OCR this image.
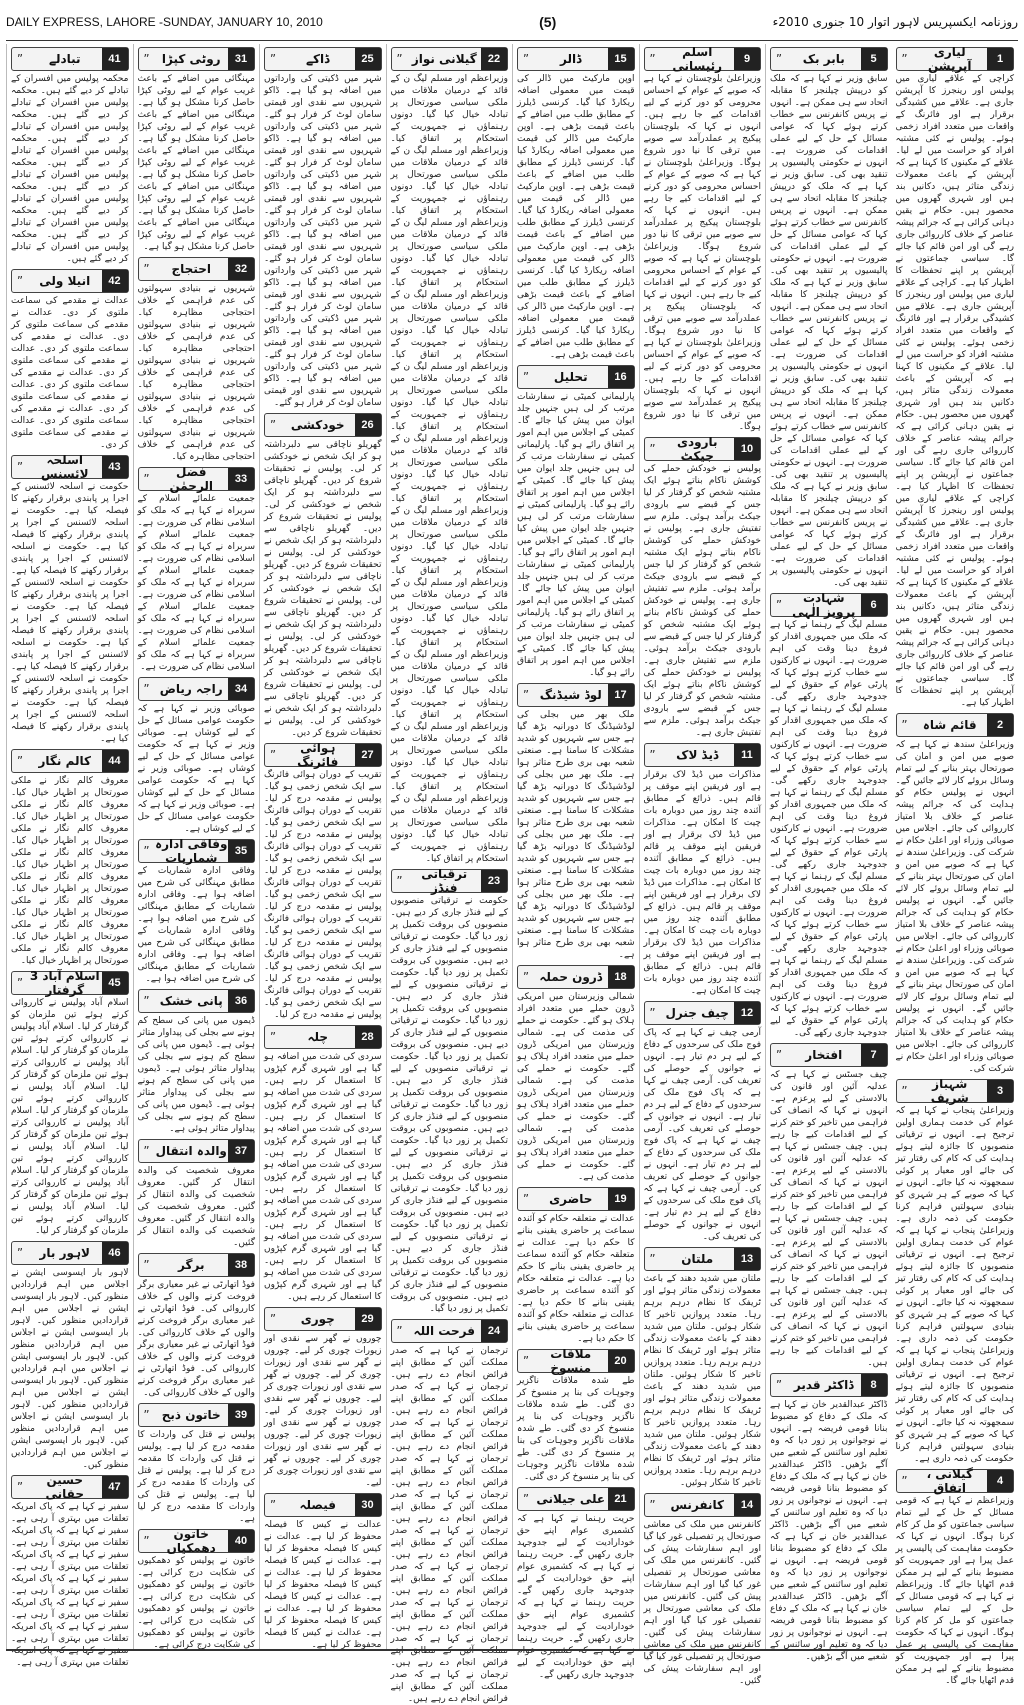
DAILY EXPRESS, LAHORE -SUNDAY, JANUARY 10, 2010	(5)	روزنامہ ایکسپریس لاہور اتوار 10 جنوری 2010ء
1
لیاری آپریشن
”
کراچی کے علاقے لیاری میں پولیس اور رینجرز کا آپریشن جاری ہے۔ علاقے میں کشیدگی برقرار ہے اور فائرنگ کے واقعات میں متعدد افراد زخمی ہوئے۔ پولیس نے کئی مشتبہ افراد کو حراست میں لے لیا۔ علاقے کے مکینوں کا کہنا ہے کہ آپریشن کے باعث معمولات زندگی متاثر ہیں، دکانیں بند ہیں اور شہری گھروں میں محصور ہیں۔ حکام نے یقین دہانی کرائی ہے کہ جرائم پیشہ عناصر کے خلاف کارروائی جاری رہے گی اور امن قائم کیا جائے گا۔ سیاسی جماعتوں نے آپریشن پر اپنے تحفظات کا اظہار کیا ہے۔ کراچی کے علاقے لیاری میں پولیس اور رینجرز کا آپریشن جاری ہے۔ علاقے میں کشیدگی برقرار ہے اور فائرنگ کے واقعات میں متعدد افراد زخمی ہوئے۔ پولیس نے کئی مشتبہ افراد کو حراست میں لے لیا۔ علاقے کے مکینوں کا کہنا ہے کہ آپریشن کے باعث معمولات زندگی متاثر ہیں، دکانیں بند ہیں اور شہری گھروں میں محصور ہیں۔ حکام نے یقین دہانی کرائی ہے کہ جرائم پیشہ عناصر کے خلاف کارروائی جاری رہے گی اور امن قائم کیا جائے گا۔ سیاسی جماعتوں نے آپریشن پر اپنے تحفظات کا اظہار کیا ہے۔ کراچی کے علاقے لیاری میں پولیس اور رینجرز کا آپریشن جاری ہے۔ علاقے میں کشیدگی برقرار ہے اور فائرنگ کے واقعات میں متعدد افراد زخمی ہوئے۔ پولیس نے کئی مشتبہ افراد کو حراست میں لے لیا۔ علاقے کے مکینوں کا کہنا ہے کہ آپریشن کے باعث معمولات زندگی متاثر ہیں، دکانیں بند ہیں اور شہری گھروں میں محصور ہیں۔ حکام نے یقین دہانی کرائی ہے کہ جرائم پیشہ عناصر کے خلاف کارروائی جاری رہے گی اور امن قائم کیا جائے گا۔ سیاسی جماعتوں نے آپریشن پر اپنے تحفظات کا اظہار کیا ہے۔
2
قائم شاہ
”
وزیراعلیٰ سندھ نے کہا ہے کہ صوبے میں امن و امان کی صورتحال بہتر بنانے کے لیے تمام وسائل بروئے کار لائے جائیں گے۔ انہوں نے پولیس حکام کو ہدایت کی کہ جرائم پیشہ عناصر کے خلاف بلا امتیاز کارروائی کی جائے۔ اجلاس میں صوبائی وزراء اور اعلیٰ حکام نے شرکت کی۔ وزیراعلیٰ سندھ نے کہا ہے کہ صوبے میں امن و امان کی صورتحال بہتر بنانے کے لیے تمام وسائل بروئے کار لائے جائیں گے۔ انہوں نے پولیس حکام کو ہدایت کی کہ جرائم پیشہ عناصر کے خلاف بلا امتیاز کارروائی کی جائے۔ اجلاس میں صوبائی وزراء اور اعلیٰ حکام نے شرکت کی۔ وزیراعلیٰ سندھ نے کہا ہے کہ صوبے میں امن و امان کی صورتحال بہتر بنانے کے لیے تمام وسائل بروئے کار لائے جائیں گے۔ انہوں نے پولیس حکام کو ہدایت کی کہ جرائم پیشہ عناصر کے خلاف بلا امتیاز کارروائی کی جائے۔ اجلاس میں صوبائی وزراء اور اعلیٰ حکام نے شرکت کی۔
3
شہباز شریف
”
وزیراعلیٰ پنجاب نے کہا ہے کہ عوام کی خدمت ہماری اولین ترجیح ہے۔ انہوں نے ترقیاتی منصوبوں کا جائزہ لیتے ہوئے ہدایت کی کہ کام کی رفتار تیز کی جائے اور معیار پر کوئی سمجھوتہ نہ کیا جائے۔ انہوں نے کہا کہ صوبے کے ہر شہری کو بنیادی سہولتیں فراہم کرنا حکومت کی ذمہ داری ہے۔ وزیراعلیٰ پنجاب نے کہا ہے کہ عوام کی خدمت ہماری اولین ترجیح ہے۔ انہوں نے ترقیاتی منصوبوں کا جائزہ لیتے ہوئے ہدایت کی کہ کام کی رفتار تیز کی جائے اور معیار پر کوئی سمجھوتہ نہ کیا جائے۔ انہوں نے کہا کہ صوبے کے ہر شہری کو بنیادی سہولتیں فراہم کرنا حکومت کی ذمہ داری ہے۔ وزیراعلیٰ پنجاب نے کہا ہے کہ عوام کی خدمت ہماری اولین ترجیح ہے۔ انہوں نے ترقیاتی منصوبوں کا جائزہ لیتے ہوئے ہدایت کی کہ کام کی رفتار تیز کی جائے اور معیار پر کوئی سمجھوتہ نہ کیا جائے۔ انہوں نے کہا کہ صوبے کے ہر شہری کو بنیادی سہولتیں فراہم کرنا حکومت کی ذمہ داری ہے۔
4
گیلانی ، اتفاق
”
وزیراعظم نے کہا ہے کہ قومی مسائل کے حل کے لیے تمام سیاسی جماعتوں کو مل کر کام کرنا ہوگا۔ انہوں نے کہا کہ حکومت مفاہمت کی پالیسی پر عمل پیرا ہے اور جمہوریت کو مضبوط بنانے کے لیے ہر ممکن قدم اٹھایا جائے گا۔ وزیراعظم نے کہا ہے کہ قومی مسائل کے حل کے لیے تمام سیاسی جماعتوں کو مل کر کام کرنا ہوگا۔ انہوں نے کہا کہ حکومت مفاہمت کی پالیسی پر عمل پیرا ہے اور جمہوریت کو مضبوط بنانے کے لیے ہر ممکن قدم اٹھایا جائے گا۔
5
بابر بک
”
سابق وزیر نے کہا ہے کہ ملک کو درپیش چیلنجز کا مقابلہ اتحاد سے ہی ممکن ہے۔ انہوں نے پریس کانفرنس سے خطاب کرتے ہوئے کہا کہ عوامی مسائل کے حل کے لیے عملی اقدامات کی ضرورت ہے۔ انہوں نے حکومتی پالیسیوں پر تنقید بھی کی۔ سابق وزیر نے کہا ہے کہ ملک کو درپیش چیلنجز کا مقابلہ اتحاد سے ہی ممکن ہے۔ انہوں نے پریس کانفرنس سے خطاب کرتے ہوئے کہا کہ عوامی مسائل کے حل کے لیے عملی اقدامات کی ضرورت ہے۔ انہوں نے حکومتی پالیسیوں پر تنقید بھی کی۔ سابق وزیر نے کہا ہے کہ ملک کو درپیش چیلنجز کا مقابلہ اتحاد سے ہی ممکن ہے۔ انہوں نے پریس کانفرنس سے خطاب کرتے ہوئے کہا کہ عوامی مسائل کے حل کے لیے عملی اقدامات کی ضرورت ہے۔ انہوں نے حکومتی پالیسیوں پر تنقید بھی کی۔ سابق وزیر نے کہا ہے کہ ملک کو درپیش چیلنجز کا مقابلہ اتحاد سے ہی ممکن ہے۔ انہوں نے پریس کانفرنس سے خطاب کرتے ہوئے کہا کہ عوامی مسائل کے حل کے لیے عملی اقدامات کی ضرورت ہے۔ انہوں نے حکومتی پالیسیوں پر تنقید بھی کی۔ سابق وزیر نے کہا ہے کہ ملک کو درپیش چیلنجز کا مقابلہ اتحاد سے ہی ممکن ہے۔ انہوں نے پریس کانفرنس سے خطاب کرتے ہوئے کہا کہ عوامی مسائل کے حل کے لیے عملی اقدامات کی ضرورت ہے۔ انہوں نے حکومتی پالیسیوں پر تنقید بھی کی۔
6
شہادت پرویز الٰہی
”
مسلم لیگ کے رہنما نے کہا ہے کہ ملک میں جمہوری اقدار کو فروغ دینا وقت کی اہم ضرورت ہے۔ انہوں نے کارکنوں سے خطاب کرتے ہوئے کہا کہ پارٹی عوام کے حقوق کے لیے جدوجہد جاری رکھے گی۔ مسلم لیگ کے رہنما نے کہا ہے کہ ملک میں جمہوری اقدار کو فروغ دینا وقت کی اہم ضرورت ہے۔ انہوں نے کارکنوں سے خطاب کرتے ہوئے کہا کہ پارٹی عوام کے حقوق کے لیے جدوجہد جاری رکھے گی۔ مسلم لیگ کے رہنما نے کہا ہے کہ ملک میں جمہوری اقدار کو فروغ دینا وقت کی اہم ضرورت ہے۔ انہوں نے کارکنوں سے خطاب کرتے ہوئے کہا کہ پارٹی عوام کے حقوق کے لیے جدوجہد جاری رکھے گی۔ مسلم لیگ کے رہنما نے کہا ہے کہ ملک میں جمہوری اقدار کو فروغ دینا وقت کی اہم ضرورت ہے۔ انہوں نے کارکنوں سے خطاب کرتے ہوئے کہا کہ پارٹی عوام کے حقوق کے لیے جدوجہد جاری رکھے گی۔ مسلم لیگ کے رہنما نے کہا ہے کہ ملک میں جمہوری اقدار کو فروغ دینا وقت کی اہم ضرورت ہے۔ انہوں نے کارکنوں سے خطاب کرتے ہوئے کہا کہ پارٹی عوام کے حقوق کے لیے جدوجہد جاری رکھے گی۔
7
افتخار
”
چیف جسٹس نے کہا ہے کہ عدلیہ آئین اور قانون کی بالادستی کے لیے پرعزم ہے۔ انہوں نے کہا کہ انصاف کی فراہمی میں تاخیر کو ختم کرنے کے لیے اقدامات کیے جا رہے ہیں۔ چیف جسٹس نے کہا ہے کہ عدلیہ آئین اور قانون کی بالادستی کے لیے پرعزم ہے۔ انہوں نے کہا کہ انصاف کی فراہمی میں تاخیر کو ختم کرنے کے لیے اقدامات کیے جا رہے ہیں۔ چیف جسٹس نے کہا ہے کہ عدلیہ آئین اور قانون کی بالادستی کے لیے پرعزم ہے۔ انہوں نے کہا کہ انصاف کی فراہمی میں تاخیر کو ختم کرنے کے لیے اقدامات کیے جا رہے ہیں۔ چیف جسٹس نے کہا ہے کہ عدلیہ آئین اور قانون کی بالادستی کے لیے پرعزم ہے۔ انہوں نے کہا کہ انصاف کی فراہمی میں تاخیر کو ختم کرنے کے لیے اقدامات کیے جا رہے ہیں۔
8
ڈاکٹر قدیر
”
ڈاکٹر عبدالقدیر خان نے کہا ہے کہ ملک کے دفاع کو مضبوط بنانا قومی فریضہ ہے۔ انہوں نے نوجوانوں پر زور دیا کہ وہ تعلیم اور سائنس کے شعبے میں آگے بڑھیں۔ ڈاکٹر عبدالقدیر خان نے کہا ہے کہ ملک کے دفاع کو مضبوط بنانا قومی فریضہ ہے۔ انہوں نے نوجوانوں پر زور دیا کہ وہ تعلیم اور سائنس کے شعبے میں آگے بڑھیں۔ ڈاکٹر عبدالقدیر خان نے کہا ہے کہ ملک کے دفاع کو مضبوط بنانا قومی فریضہ ہے۔ انہوں نے نوجوانوں پر زور دیا کہ وہ تعلیم اور سائنس کے شعبے میں آگے بڑھیں۔ ڈاکٹر عبدالقدیر خان نے کہا ہے کہ ملک کے دفاع کو مضبوط بنانا قومی فریضہ ہے۔ انہوں نے نوجوانوں پر زور دیا کہ وہ تعلیم اور سائنس کے شعبے میں آگے بڑھیں۔
9
اسلم رئیسانی
”
وزیراعلیٰ بلوچستان نے کہا ہے کہ صوبے کے عوام کے احساس محرومی کو دور کرنے کے لیے اقدامات کیے جا رہے ہیں۔ انہوں نے کہا کہ بلوچستان پیکیج پر عملدرآمد سے صوبے میں ترقی کا نیا دور شروع ہوگا۔ وزیراعلیٰ بلوچستان نے کہا ہے کہ صوبے کے عوام کے احساس محرومی کو دور کرنے کے لیے اقدامات کیے جا رہے ہیں۔ انہوں نے کہا کہ بلوچستان پیکیج پر عملدرآمد سے صوبے میں ترقی کا نیا دور شروع ہوگا۔ وزیراعلیٰ بلوچستان نے کہا ہے کہ صوبے کے عوام کے احساس محرومی کو دور کرنے کے لیے اقدامات کیے جا رہے ہیں۔ انہوں نے کہا کہ بلوچستان پیکیج پر عملدرآمد سے صوبے میں ترقی کا نیا دور شروع ہوگا۔ وزیراعلیٰ بلوچستان نے کہا ہے کہ صوبے کے عوام کے احساس محرومی کو دور کرنے کے لیے اقدامات کیے جا رہے ہیں۔ انہوں نے کہا کہ بلوچستان پیکیج پر عملدرآمد سے صوبے میں ترقی کا نیا دور شروع ہوگا۔
10
بارودی جیکٹ
”
پولیس نے خودکش حملے کی کوشش ناکام بناتے ہوئے ایک مشتبہ شخص کو گرفتار کر لیا جس کے قبضے سے بارودی جیکٹ برآمد ہوئی۔ ملزم سے تفتیش جاری ہے۔ پولیس نے خودکش حملے کی کوشش ناکام بناتے ہوئے ایک مشتبہ شخص کو گرفتار کر لیا جس کے قبضے سے بارودی جیکٹ برآمد ہوئی۔ ملزم سے تفتیش جاری ہے۔ پولیس نے خودکش حملے کی کوشش ناکام بناتے ہوئے ایک مشتبہ شخص کو گرفتار کر لیا جس کے قبضے سے بارودی جیکٹ برآمد ہوئی۔ ملزم سے تفتیش جاری ہے۔ پولیس نے خودکش حملے کی کوشش ناکام بناتے ہوئے ایک مشتبہ شخص کو گرفتار کر لیا جس کے قبضے سے بارودی جیکٹ برآمد ہوئی۔ ملزم سے تفتیش جاری ہے۔
11
ڈیڈ لاک
”
مذاکرات میں ڈیڈ لاک برقرار ہے اور فریقین اپنے موقف پر قائم ہیں۔ ذرائع کے مطابق آئندہ چند روز میں دوبارہ بات چیت کا امکان ہے۔ مذاکرات میں ڈیڈ لاک برقرار ہے اور فریقین اپنے موقف پر قائم ہیں۔ ذرائع کے مطابق آئندہ چند روز میں دوبارہ بات چیت کا امکان ہے۔ مذاکرات میں ڈیڈ لاک برقرار ہے اور فریقین اپنے موقف پر قائم ہیں۔ ذرائع کے مطابق آئندہ چند روز میں دوبارہ بات چیت کا امکان ہے۔ مذاکرات میں ڈیڈ لاک برقرار ہے اور فریقین اپنے موقف پر قائم ہیں۔ ذرائع کے مطابق آئندہ چند روز میں دوبارہ بات چیت کا امکان ہے۔
12
چیف جنرل
”
آرمی چیف نے کہا ہے کہ پاک فوج ملک کی سرحدوں کے دفاع کے لیے ہر دم تیار ہے۔ انہوں نے جوانوں کے حوصلے کی تعریف کی۔ آرمی چیف نے کہا ہے کہ پاک فوج ملک کی سرحدوں کے دفاع کے لیے ہر دم تیار ہے۔ انہوں نے جوانوں کے حوصلے کی تعریف کی۔ آرمی چیف نے کہا ہے کہ پاک فوج ملک کی سرحدوں کے دفاع کے لیے ہر دم تیار ہے۔ انہوں نے جوانوں کے حوصلے کی تعریف کی۔ آرمی چیف نے کہا ہے کہ پاک فوج ملک کی سرحدوں کے دفاع کے لیے ہر دم تیار ہے۔ انہوں نے جوانوں کے حوصلے کی تعریف کی۔
13
ملتان
”
ملتان میں شدید دھند کے باعث معمولات زندگی متاثر ہوئے اور ٹریفک کا نظام درہم برہم رہا۔ متعدد پروازیں تاخیر کا شکار ہوئیں۔ ملتان میں شدید دھند کے باعث معمولات زندگی متاثر ہوئے اور ٹریفک کا نظام درہم برہم رہا۔ متعدد پروازیں تاخیر کا شکار ہوئیں۔ ملتان میں شدید دھند کے باعث معمولات زندگی متاثر ہوئے اور ٹریفک کا نظام درہم برہم رہا۔ متعدد پروازیں تاخیر کا شکار ہوئیں۔ ملتان میں شدید دھند کے باعث معمولات زندگی متاثر ہوئے اور ٹریفک کا نظام درہم برہم رہا۔ متعدد پروازیں تاخیر کا شکار ہوئیں۔
14
کانفرنس
”
کانفرنس میں ملک کی معاشی صورتحال پر تفصیلی غور کیا گیا اور اہم سفارشات پیش کی گئیں۔ کانفرنس میں ملک کی معاشی صورتحال پر تفصیلی غور کیا گیا اور اہم سفارشات پیش کی گئیں۔ کانفرنس میں ملک کی معاشی صورتحال پر تفصیلی غور کیا گیا اور اہم سفارشات پیش کی گئیں۔ کانفرنس میں ملک کی معاشی صورتحال پر تفصیلی غور کیا گیا اور اہم سفارشات پیش کی گئیں۔
15
ڈالر
”
اوپن مارکیٹ میں ڈالر کی قیمت میں معمولی اضافہ ریکارڈ کیا گیا۔ کرنسی ڈیلرز کے مطابق طلب میں اضافے کے باعث قیمت بڑھی ہے۔ اوپن مارکیٹ میں ڈالر کی قیمت میں معمولی اضافہ ریکارڈ کیا گیا۔ کرنسی ڈیلرز کے مطابق طلب میں اضافے کے باعث قیمت بڑھی ہے۔ اوپن مارکیٹ میں ڈالر کی قیمت میں معمولی اضافہ ریکارڈ کیا گیا۔ کرنسی ڈیلرز کے مطابق طلب میں اضافے کے باعث قیمت بڑھی ہے۔ اوپن مارکیٹ میں ڈالر کی قیمت میں معمولی اضافہ ریکارڈ کیا گیا۔ کرنسی ڈیلرز کے مطابق طلب میں اضافے کے باعث قیمت بڑھی ہے۔ اوپن مارکیٹ میں ڈالر کی قیمت میں معمولی اضافہ ریکارڈ کیا گیا۔ کرنسی ڈیلرز کے مطابق طلب میں اضافے کے باعث قیمت بڑھی ہے۔
16
تحلیل
”
پارلیمانی کمیٹی نے سفارشات مرتب کر لی ہیں جنہیں جلد ایوان میں پیش کیا جائے گا۔ کمیٹی کے اجلاس میں اہم امور پر اتفاق رائے ہو گیا۔ پارلیمانی کمیٹی نے سفارشات مرتب کر لی ہیں جنہیں جلد ایوان میں پیش کیا جائے گا۔ کمیٹی کے اجلاس میں اہم امور پر اتفاق رائے ہو گیا۔ پارلیمانی کمیٹی نے سفارشات مرتب کر لی ہیں جنہیں جلد ایوان میں پیش کیا جائے گا۔ کمیٹی کے اجلاس میں اہم امور پر اتفاق رائے ہو گیا۔ پارلیمانی کمیٹی نے سفارشات مرتب کر لی ہیں جنہیں جلد ایوان میں پیش کیا جائے گا۔ کمیٹی کے اجلاس میں اہم امور پر اتفاق رائے ہو گیا۔ پارلیمانی کمیٹی نے سفارشات مرتب کر لی ہیں جنہیں جلد ایوان میں پیش کیا جائے گا۔ کمیٹی کے اجلاس میں اہم امور پر اتفاق رائے ہو گیا۔
17
لوڈ شیڈنگ
”
ملک بھر میں بجلی کی لوڈشیڈنگ کا دورانیہ بڑھ گیا ہے جس سے شہریوں کو شدید مشکلات کا سامنا ہے۔ صنعتی شعبہ بھی بری طرح متاثر ہوا ہے۔ ملک بھر میں بجلی کی لوڈشیڈنگ کا دورانیہ بڑھ گیا ہے جس سے شہریوں کو شدید مشکلات کا سامنا ہے۔ صنعتی شعبہ بھی بری طرح متاثر ہوا ہے۔ ملک بھر میں بجلی کی لوڈشیڈنگ کا دورانیہ بڑھ گیا ہے جس سے شہریوں کو شدید مشکلات کا سامنا ہے۔ صنعتی شعبہ بھی بری طرح متاثر ہوا ہے۔ ملک بھر میں بجلی کی لوڈشیڈنگ کا دورانیہ بڑھ گیا ہے جس سے شہریوں کو شدید مشکلات کا سامنا ہے۔ صنعتی شعبہ بھی بری طرح متاثر ہوا ہے۔
18
ڈرون حملہ
”
شمالی وزیرستان میں امریکی ڈرون حملے میں متعدد افراد ہلاک ہو گئے۔ حکومت نے حملے کی مذمت کی ہے۔ شمالی وزیرستان میں امریکی ڈرون حملے میں متعدد افراد ہلاک ہو گئے۔ حکومت نے حملے کی مذمت کی ہے۔ شمالی وزیرستان میں امریکی ڈرون حملے میں متعدد افراد ہلاک ہو گئے۔ حکومت نے حملے کی مذمت کی ہے۔ شمالی وزیرستان میں امریکی ڈرون حملے میں متعدد افراد ہلاک ہو گئے۔ حکومت نے حملے کی مذمت کی ہے۔
19
حاضری
”
عدالت نے متعلقہ حکام کو آئندہ سماعت پر حاضری یقینی بنانے کا حکم دیا ہے۔ عدالت نے متعلقہ حکام کو آئندہ سماعت پر حاضری یقینی بنانے کا حکم دیا ہے۔ عدالت نے متعلقہ حکام کو آئندہ سماعت پر حاضری یقینی بنانے کا حکم دیا ہے۔ عدالت نے متعلقہ حکام کو آئندہ سماعت پر حاضری یقینی بنانے کا حکم دیا ہے۔
20
ملاقات منسوخ
”
طے شدہ ملاقات ناگزیر وجوہات کی بنا پر منسوخ کر دی گئی۔ طے شدہ ملاقات ناگزیر وجوہات کی بنا پر منسوخ کر دی گئی۔ طے شدہ ملاقات ناگزیر وجوہات کی بنا پر منسوخ کر دی گئی۔ طے شدہ ملاقات ناگزیر وجوہات کی بنا پر منسوخ کر دی گئی۔
21
علی جیلانی
”
حریت رہنما نے کہا ہے کہ کشمیری عوام اپنے حق خودارادیت کے لیے جدوجہد جاری رکھیں گے۔ حریت رہنما نے کہا ہے کہ کشمیری عوام اپنے حق خودارادیت کے لیے جدوجہد جاری رکھیں گے۔ حریت رہنما نے کہا ہے کہ کشمیری عوام اپنے حق خودارادیت کے لیے جدوجہد جاری رکھیں گے۔ حریت رہنما نے کہا ہے کہ کشمیری عوام اپنے حق خودارادیت کے لیے جدوجہد جاری رکھیں گے۔
22
گیلانی نواز
”
وزیراعظم اور مسلم لیگ ن کے قائد کے درمیان ملاقات میں ملکی سیاسی صورتحال پر تبادلہ خیال کیا گیا۔ دونوں رہنماؤں نے جمہوریت کے استحکام پر اتفاق کیا۔ وزیراعظم اور مسلم لیگ ن کے قائد کے درمیان ملاقات میں ملکی سیاسی صورتحال پر تبادلہ خیال کیا گیا۔ دونوں رہنماؤں نے جمہوریت کے استحکام پر اتفاق کیا۔ وزیراعظم اور مسلم لیگ ن کے قائد کے درمیان ملاقات میں ملکی سیاسی صورتحال پر تبادلہ خیال کیا گیا۔ دونوں رہنماؤں نے جمہوریت کے استحکام پر اتفاق کیا۔ وزیراعظم اور مسلم لیگ ن کے قائد کے درمیان ملاقات میں ملکی سیاسی صورتحال پر تبادلہ خیال کیا گیا۔ دونوں رہنماؤں نے جمہوریت کے استحکام پر اتفاق کیا۔ وزیراعظم اور مسلم لیگ ن کے قائد کے درمیان ملاقات میں ملکی سیاسی صورتحال پر تبادلہ خیال کیا گیا۔ دونوں رہنماؤں نے جمہوریت کے استحکام پر اتفاق کیا۔ وزیراعظم اور مسلم لیگ ن کے قائد کے درمیان ملاقات میں ملکی سیاسی صورتحال پر تبادلہ خیال کیا گیا۔ دونوں رہنماؤں نے جمہوریت کے استحکام پر اتفاق کیا۔ وزیراعظم اور مسلم لیگ ن کے قائد کے درمیان ملاقات میں ملکی سیاسی صورتحال پر تبادلہ خیال کیا گیا۔ دونوں رہنماؤں نے جمہوریت کے استحکام پر اتفاق کیا۔ وزیراعظم اور مسلم لیگ ن کے قائد کے درمیان ملاقات میں ملکی سیاسی صورتحال پر تبادلہ خیال کیا گیا۔ دونوں رہنماؤں نے جمہوریت کے استحکام پر اتفاق کیا۔ وزیراعظم اور مسلم لیگ ن کے قائد کے درمیان ملاقات میں ملکی سیاسی صورتحال پر تبادلہ خیال کیا گیا۔ دونوں رہنماؤں نے جمہوریت کے استحکام پر اتفاق کیا۔ وزیراعظم اور مسلم لیگ ن کے قائد کے درمیان ملاقات میں ملکی سیاسی صورتحال پر تبادلہ خیال کیا گیا۔ دونوں رہنماؤں نے جمہوریت کے استحکام پر اتفاق کیا۔ وزیراعظم اور مسلم لیگ ن کے قائد کے درمیان ملاقات میں ملکی سیاسی صورتحال پر تبادلہ خیال کیا گیا۔ دونوں رہنماؤں نے جمہوریت کے استحکام پر اتفاق کیا۔
23
ترقیاتی فنڈز
”
حکومت نے ترقیاتی منصوبوں کے لیے فنڈز جاری کر دیے ہیں۔ منصوبوں کی بروقت تکمیل پر زور دیا گیا۔ حکومت نے ترقیاتی منصوبوں کے لیے فنڈز جاری کر دیے ہیں۔ منصوبوں کی بروقت تکمیل پر زور دیا گیا۔ حکومت نے ترقیاتی منصوبوں کے لیے فنڈز جاری کر دیے ہیں۔ منصوبوں کی بروقت تکمیل پر زور دیا گیا۔ حکومت نے ترقیاتی منصوبوں کے لیے فنڈز جاری کر دیے ہیں۔ منصوبوں کی بروقت تکمیل پر زور دیا گیا۔ حکومت نے ترقیاتی منصوبوں کے لیے فنڈز جاری کر دیے ہیں۔ منصوبوں کی بروقت تکمیل پر زور دیا گیا۔ حکومت نے ترقیاتی منصوبوں کے لیے فنڈز جاری کر دیے ہیں۔ منصوبوں کی بروقت تکمیل پر زور دیا گیا۔ حکومت نے ترقیاتی منصوبوں کے لیے فنڈز جاری کر دیے ہیں۔ منصوبوں کی بروقت تکمیل پر زور دیا گیا۔ حکومت نے ترقیاتی منصوبوں کے لیے فنڈز جاری کر دیے ہیں۔ منصوبوں کی بروقت تکمیل پر زور دیا گیا۔ حکومت نے ترقیاتی منصوبوں کے لیے فنڈز جاری کر دیے ہیں۔ منصوبوں کی بروقت تکمیل پر زور دیا گیا۔ حکومت نے ترقیاتی منصوبوں کے لیے فنڈز جاری کر دیے ہیں۔ منصوبوں کی بروقت تکمیل پر زور دیا گیا۔
24
فرحت اللہ
”
ترجمان نے کہا ہے کہ صدر مملکت آئین کے مطابق اپنے فرائض انجام دے رہے ہیں۔ ترجمان نے کہا ہے کہ صدر مملکت آئین کے مطابق اپنے فرائض انجام دے رہے ہیں۔ ترجمان نے کہا ہے کہ صدر مملکت آئین کے مطابق اپنے فرائض انجام دے رہے ہیں۔ ترجمان نے کہا ہے کہ صدر مملکت آئین کے مطابق اپنے فرائض انجام دے رہے ہیں۔ ترجمان نے کہا ہے کہ صدر مملکت آئین کے مطابق اپنے فرائض انجام دے رہے ہیں۔ ترجمان نے کہا ہے کہ صدر مملکت آئین کے مطابق اپنے فرائض انجام دے رہے ہیں۔ ترجمان نے کہا ہے کہ صدر مملکت آئین کے مطابق اپنے فرائض انجام دے رہے ہیں۔ ترجمان نے کہا ہے کہ صدر مملکت آئین کے مطابق اپنے فرائض انجام دے رہے ہیں۔ ترجمان نے کہا ہے کہ صدر مملکت آئین کے مطابق اپنے فرائض انجام دے رہے ہیں۔ ترجمان نے کہا ہے کہ صدر مملکت آئین کے مطابق اپنے فرائض انجام دے رہے ہیں۔
25
ڈاکے
”
شہر میں ڈکیتی کی وارداتوں میں اضافہ ہو گیا ہے۔ ڈاکو شہریوں سے نقدی اور قیمتی سامان لوٹ کر فرار ہو گئے۔ شہر میں ڈکیتی کی وارداتوں میں اضافہ ہو گیا ہے۔ ڈاکو شہریوں سے نقدی اور قیمتی سامان لوٹ کر فرار ہو گئے۔ شہر میں ڈکیتی کی وارداتوں میں اضافہ ہو گیا ہے۔ ڈاکو شہریوں سے نقدی اور قیمتی سامان لوٹ کر فرار ہو گئے۔ شہر میں ڈکیتی کی وارداتوں میں اضافہ ہو گیا ہے۔ ڈاکو شہریوں سے نقدی اور قیمتی سامان لوٹ کر فرار ہو گئے۔ شہر میں ڈکیتی کی وارداتوں میں اضافہ ہو گیا ہے۔ ڈاکو شہریوں سے نقدی اور قیمتی سامان لوٹ کر فرار ہو گئے۔ شہر میں ڈکیتی کی وارداتوں میں اضافہ ہو گیا ہے۔ ڈاکو شہریوں سے نقدی اور قیمتی سامان لوٹ کر فرار ہو گئے۔ شہر میں ڈکیتی کی وارداتوں میں اضافہ ہو گیا ہے۔ ڈاکو شہریوں سے نقدی اور قیمتی سامان لوٹ کر فرار ہو گئے۔
26
خودکشی
”
گھریلو ناچاقی سے دلبرداشتہ ہو کر ایک شخص نے خودکشی کر لی۔ پولیس نے تحقیقات شروع کر دیں۔ گھریلو ناچاقی سے دلبرداشتہ ہو کر ایک شخص نے خودکشی کر لی۔ پولیس نے تحقیقات شروع کر دیں۔ گھریلو ناچاقی سے دلبرداشتہ ہو کر ایک شخص نے خودکشی کر لی۔ پولیس نے تحقیقات شروع کر دیں۔ گھریلو ناچاقی سے دلبرداشتہ ہو کر ایک شخص نے خودکشی کر لی۔ پولیس نے تحقیقات شروع کر دیں۔ گھریلو ناچاقی سے دلبرداشتہ ہو کر ایک شخص نے خودکشی کر لی۔ پولیس نے تحقیقات شروع کر دیں۔ گھریلو ناچاقی سے دلبرداشتہ ہو کر ایک شخص نے خودکشی کر لی۔ پولیس نے تحقیقات شروع کر دیں۔ گھریلو ناچاقی سے دلبرداشتہ ہو کر ایک شخص نے خودکشی کر لی۔ پولیس نے تحقیقات شروع کر دیں۔
27
ہوائی فائرنگ
”
تقریب کے دوران ہوائی فائرنگ سے ایک شخص زخمی ہو گیا۔ پولیس نے مقدمہ درج کر لیا۔ تقریب کے دوران ہوائی فائرنگ سے ایک شخص زخمی ہو گیا۔ پولیس نے مقدمہ درج کر لیا۔ تقریب کے دوران ہوائی فائرنگ سے ایک شخص زخمی ہو گیا۔ پولیس نے مقدمہ درج کر لیا۔ تقریب کے دوران ہوائی فائرنگ سے ایک شخص زخمی ہو گیا۔ پولیس نے مقدمہ درج کر لیا۔ تقریب کے دوران ہوائی فائرنگ سے ایک شخص زخمی ہو گیا۔ پولیس نے مقدمہ درج کر لیا۔ تقریب کے دوران ہوائی فائرنگ سے ایک شخص زخمی ہو گیا۔ پولیس نے مقدمہ درج کر لیا۔ تقریب کے دوران ہوائی فائرنگ سے ایک شخص زخمی ہو گیا۔ پولیس نے مقدمہ درج کر لیا۔
28
چلہ
”
سردی کی شدت میں اضافہ ہو گیا ہے اور شہری گرم کپڑوں کا استعمال کر رہے ہیں۔ سردی کی شدت میں اضافہ ہو گیا ہے اور شہری گرم کپڑوں کا استعمال کر رہے ہیں۔ سردی کی شدت میں اضافہ ہو گیا ہے اور شہری گرم کپڑوں کا استعمال کر رہے ہیں۔ سردی کی شدت میں اضافہ ہو گیا ہے اور شہری گرم کپڑوں کا استعمال کر رہے ہیں۔ سردی کی شدت میں اضافہ ہو گیا ہے اور شہری گرم کپڑوں کا استعمال کر رہے ہیں۔ سردی کی شدت میں اضافہ ہو گیا ہے اور شہری گرم کپڑوں کا استعمال کر رہے ہیں۔ سردی کی شدت میں اضافہ ہو گیا ہے اور شہری گرم کپڑوں کا استعمال کر رہے ہیں۔
29
چوری
”
چوروں نے گھر سے نقدی اور زیورات چوری کر لیے۔ چوروں نے گھر سے نقدی اور زیورات چوری کر لیے۔ چوروں نے گھر سے نقدی اور زیورات چوری کر لیے۔ چوروں نے گھر سے نقدی اور زیورات چوری کر لیے۔ چوروں نے گھر سے نقدی اور زیورات چوری کر لیے۔ چوروں نے گھر سے نقدی اور زیورات چوری کر لیے۔ چوروں نے گھر سے نقدی اور زیورات چوری کر لیے۔
30
فیصلہ
”
عدالت نے کیس کا فیصلہ محفوظ کر لیا ہے۔ عدالت نے کیس کا فیصلہ محفوظ کر لیا ہے۔ عدالت نے کیس کا فیصلہ محفوظ کر لیا ہے۔ عدالت نے کیس کا فیصلہ محفوظ کر لیا ہے۔ عدالت نے کیس کا فیصلہ محفوظ کر لیا ہے۔ عدالت نے کیس کا فیصلہ محفوظ کر لیا ہے۔ عدالت نے کیس کا فیصلہ محفوظ کر لیا ہے۔
31
روٹی کپڑا
”
مہنگائی میں اضافے کے باعث غریب عوام کے لیے روٹی کپڑا حاصل کرنا مشکل ہو گیا ہے۔ مہنگائی میں اضافے کے باعث غریب عوام کے لیے روٹی کپڑا حاصل کرنا مشکل ہو گیا ہے۔ مہنگائی میں اضافے کے باعث غریب عوام کے لیے روٹی کپڑا حاصل کرنا مشکل ہو گیا ہے۔ مہنگائی میں اضافے کے باعث غریب عوام کے لیے روٹی کپڑا حاصل کرنا مشکل ہو گیا ہے۔ مہنگائی میں اضافے کے باعث غریب عوام کے لیے روٹی کپڑا حاصل کرنا مشکل ہو گیا ہے۔
32
احتجاج
”
شہریوں نے بنیادی سہولتوں کی عدم فراہمی کے خلاف احتجاجی مظاہرہ کیا۔ شہریوں نے بنیادی سہولتوں کی عدم فراہمی کے خلاف احتجاجی مظاہرہ کیا۔ شہریوں نے بنیادی سہولتوں کی عدم فراہمی کے خلاف احتجاجی مظاہرہ کیا۔ شہریوں نے بنیادی سہولتوں کی عدم فراہمی کے خلاف احتجاجی مظاہرہ کیا۔ شہریوں نے بنیادی سہولتوں کی عدم فراہمی کے خلاف احتجاجی مظاہرہ کیا۔
33
فضل الرحمٰن
”
جمعیت علمائے اسلام کے سربراہ نے کہا ہے کہ ملک کو اسلامی نظام کی ضرورت ہے۔ جمعیت علمائے اسلام کے سربراہ نے کہا ہے کہ ملک کو اسلامی نظام کی ضرورت ہے۔ جمعیت علمائے اسلام کے سربراہ نے کہا ہے کہ ملک کو اسلامی نظام کی ضرورت ہے۔ جمعیت علمائے اسلام کے سربراہ نے کہا ہے کہ ملک کو اسلامی نظام کی ضرورت ہے۔ جمعیت علمائے اسلام کے سربراہ نے کہا ہے کہ ملک کو اسلامی نظام کی ضرورت ہے۔
34
راجہ ریاض
”
صوبائی وزیر نے کہا ہے کہ حکومت عوامی مسائل کے حل کے لیے کوشاں ہے۔ صوبائی وزیر نے کہا ہے کہ حکومت عوامی مسائل کے حل کے لیے کوشاں ہے۔ صوبائی وزیر نے کہا ہے کہ حکومت عوامی مسائل کے حل کے لیے کوشاں ہے۔ صوبائی وزیر نے کہا ہے کہ حکومت عوامی مسائل کے حل کے لیے کوشاں ہے۔
35
وفاقی ادارہ شماریات
”
وفاقی ادارہ شماریات کے مطابق مہنگائی کی شرح میں اضافہ ہوا ہے۔ وفاقی ادارہ شماریات کے مطابق مہنگائی کی شرح میں اضافہ ہوا ہے۔ وفاقی ادارہ شماریات کے مطابق مہنگائی کی شرح میں اضافہ ہوا ہے۔ وفاقی ادارہ شماریات کے مطابق مہنگائی کی شرح میں اضافہ ہوا ہے۔
36
پانی خشک
”
ڈیموں میں پانی کی سطح کم ہونے سے بجلی کی پیداوار متاثر ہوئی ہے۔ ڈیموں میں پانی کی سطح کم ہونے سے بجلی کی پیداوار متاثر ہوئی ہے۔ ڈیموں میں پانی کی سطح کم ہونے سے بجلی کی پیداوار متاثر ہوئی ہے۔ ڈیموں میں پانی کی سطح کم ہونے سے بجلی کی پیداوار متاثر ہوئی ہے۔
37
والدہ انتقال
”
معروف شخصیت کی والدہ انتقال کر گئیں۔ معروف شخصیت کی والدہ انتقال کر گئیں۔ معروف شخصیت کی والدہ انتقال کر گئیں۔ معروف شخصیت کی والدہ انتقال کر گئیں۔
38
برگر
”
فوڈ اتھارٹی نے غیر معیاری برگر فروخت کرنے والوں کے خلاف کارروائی کی۔ فوڈ اتھارٹی نے غیر معیاری برگر فروخت کرنے والوں کے خلاف کارروائی کی۔ فوڈ اتھارٹی نے غیر معیاری برگر فروخت کرنے والوں کے خلاف کارروائی کی۔ فوڈ اتھارٹی نے غیر معیاری برگر فروخت کرنے والوں کے خلاف کارروائی کی۔
39
خاتون ذبح
”
پولیس نے قتل کی واردات کا مقدمہ درج کر لیا ہے۔ پولیس نے قتل کی واردات کا مقدمہ درج کر لیا ہے۔ پولیس نے قتل کی واردات کا مقدمہ درج کر لیا ہے۔ پولیس نے قتل کی واردات کا مقدمہ درج کر لیا ہے۔
40
خاتون دھمکیاں
”
خاتون نے پولیس کو دھمکیوں کی شکایت درج کرائی ہے۔ خاتون نے پولیس کو دھمکیوں کی شکایت درج کرائی ہے۔ خاتون نے پولیس کو دھمکیوں کی شکایت درج کرائی ہے۔ خاتون نے پولیس کو دھمکیوں کی شکایت درج کرائی ہے۔
41
تبادلے
”
محکمہ پولیس میں افسران کے تبادلے کر دیے گئے ہیں۔ محکمہ پولیس میں افسران کے تبادلے کر دیے گئے ہیں۔ محکمہ پولیس میں افسران کے تبادلے کر دیے گئے ہیں۔ محکمہ پولیس میں افسران کے تبادلے کر دیے گئے ہیں۔ محکمہ پولیس میں افسران کے تبادلے کر دیے گئے ہیں۔ محکمہ پولیس میں افسران کے تبادلے کر دیے گئے ہیں۔ محکمہ پولیس میں افسران کے تبادلے کر دیے گئے ہیں۔ محکمہ پولیس میں افسران کے تبادلے کر دیے گئے ہیں۔
42
انیلا ولی
”
عدالت نے مقدمے کی سماعت ملتوی کر دی۔ عدالت نے مقدمے کی سماعت ملتوی کر دی۔ عدالت نے مقدمے کی سماعت ملتوی کر دی۔ عدالت نے مقدمے کی سماعت ملتوی کر دی۔ عدالت نے مقدمے کی سماعت ملتوی کر دی۔ عدالت نے مقدمے کی سماعت ملتوی کر دی۔ عدالت نے مقدمے کی سماعت ملتوی کر دی۔ عدالت نے مقدمے کی سماعت ملتوی کر دی۔
43
اسلحہ لائسنس
”
حکومت نے اسلحہ لائسنس کے اجرا پر پابندی برقرار رکھنے کا فیصلہ کیا ہے۔ حکومت نے اسلحہ لائسنس کے اجرا پر پابندی برقرار رکھنے کا فیصلہ کیا ہے۔ حکومت نے اسلحہ لائسنس کے اجرا پر پابندی برقرار رکھنے کا فیصلہ کیا ہے۔ حکومت نے اسلحہ لائسنس کے اجرا پر پابندی برقرار رکھنے کا فیصلہ کیا ہے۔ حکومت نے اسلحہ لائسنس کے اجرا پر پابندی برقرار رکھنے کا فیصلہ کیا ہے۔ حکومت نے اسلحہ لائسنس کے اجرا پر پابندی برقرار رکھنے کا فیصلہ کیا ہے۔ حکومت نے اسلحہ لائسنس کے اجرا پر پابندی برقرار رکھنے کا فیصلہ کیا ہے۔ حکومت نے اسلحہ لائسنس کے اجرا پر پابندی برقرار رکھنے کا فیصلہ کیا ہے۔
44
کالم نگار
”
معروف کالم نگار نے ملکی صورتحال پر اظہار خیال کیا۔ معروف کالم نگار نے ملکی صورتحال پر اظہار خیال کیا۔ معروف کالم نگار نے ملکی صورتحال پر اظہار خیال کیا۔ معروف کالم نگار نے ملکی صورتحال پر اظہار خیال کیا۔ معروف کالم نگار نے ملکی صورتحال پر اظہار خیال کیا۔ معروف کالم نگار نے ملکی صورتحال پر اظہار خیال کیا۔ معروف کالم نگار نے ملکی صورتحال پر اظہار خیال کیا۔ معروف کالم نگار نے ملکی صورتحال پر اظہار خیال کیا۔
45
اسلام آباد 3 گرفتار
”
اسلام آباد پولیس نے کارروائی کرتے ہوئے تین ملزمان کو گرفتار کر لیا۔ اسلام آباد پولیس نے کارروائی کرتے ہوئے تین ملزمان کو گرفتار کر لیا۔ اسلام آباد پولیس نے کارروائی کرتے ہوئے تین ملزمان کو گرفتار کر لیا۔ اسلام آباد پولیس نے کارروائی کرتے ہوئے تین ملزمان کو گرفتار کر لیا۔ اسلام آباد پولیس نے کارروائی کرتے ہوئے تین ملزمان کو گرفتار کر لیا۔ اسلام آباد پولیس نے کارروائی کرتے ہوئے تین ملزمان کو گرفتار کر لیا۔ اسلام آباد پولیس نے کارروائی کرتے ہوئے تین ملزمان کو گرفتار کر لیا۔ اسلام آباد پولیس نے کارروائی کرتے ہوئے تین ملزمان کو گرفتار کر لیا۔
46
لاہور بار
”
لاہور بار ایسوسی ایشن نے اجلاس میں اہم قراردادیں منظور کیں۔ لاہور بار ایسوسی ایشن نے اجلاس میں اہم قراردادیں منظور کیں۔ لاہور بار ایسوسی ایشن نے اجلاس میں اہم قراردادیں منظور کیں۔ لاہور بار ایسوسی ایشن نے اجلاس میں اہم قراردادیں منظور کیں۔ لاہور بار ایسوسی ایشن نے اجلاس میں اہم قراردادیں منظور کیں۔ لاہور بار ایسوسی ایشن نے اجلاس میں اہم قراردادیں منظور کیں۔ لاہور بار ایسوسی ایشن نے اجلاس میں اہم قراردادیں منظور کیں۔
47
حسین حقانی
”
سفیر نے کہا ہے کہ پاک امریکہ تعلقات میں بہتری آ رہی ہے۔ سفیر نے کہا ہے کہ پاک امریکہ تعلقات میں بہتری آ رہی ہے۔ سفیر نے کہا ہے کہ پاک امریکہ تعلقات میں بہتری آ رہی ہے۔ سفیر نے کہا ہے کہ پاک امریکہ تعلقات میں بہتری آ رہی ہے۔ سفیر نے کہا ہے کہ پاک امریکہ تعلقات میں بہتری آ رہی ہے۔ سفیر نے کہا ہے کہ پاک امریکہ تعلقات میں بہتری آ رہی ہے۔ سفیر نے کہا ہے کہ پاک امریکہ تعلقات میں بہتری آ رہی ہے۔
